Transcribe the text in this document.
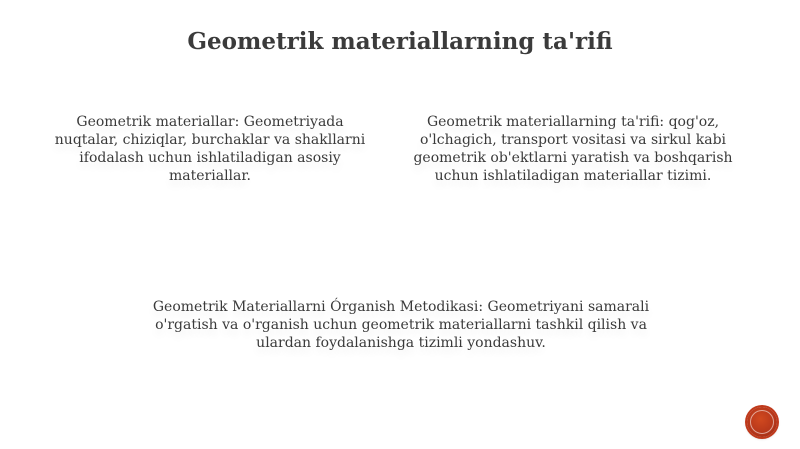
Geometrik materiallarning ta'rifi
Geometrik materiallar: Geometriyada nuqtalar, chiziqlar, burchaklar va shakllarni ifodalash uchun ishlatiladigan asosiy materiallar.
Geometrik materiallarning ta'rifi: qog'oz, o'lchagich, transport vositasi va sirkul kabi geometrik ob'ektlarni yaratish va boshqarish uchun ishlatiladigan materiallar tizimi.
Geometrik Materiallarni Órganish Metodikasi: Geometriyani samarali o'rgatish va o'rganish uchun geometrik materiallarni tashkil qilish va ulardan foydalanishga tizimli yondashuv.
